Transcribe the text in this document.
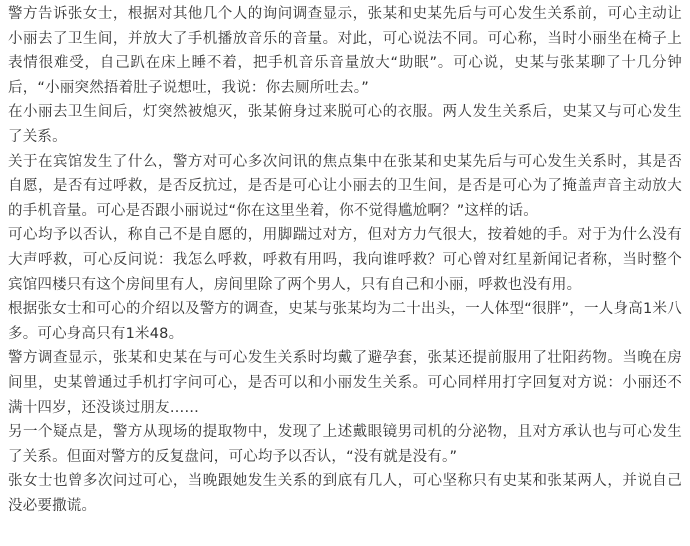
警方告诉张女士，根据对其他几个人的询问调查显示，张某和史某先后与可心发生关系前，可心主动让小丽去了卫生间，并放大了手机播放音乐的音量。对此，可心说法不同。可心称，当时小丽坐在椅子上表情很难受，自己趴在床上睡不着，把手机音乐音量放大“助眠”。可心说，史某与张某聊了十几分钟后，“小丽突然捂着肚子说想吐，我说：你去厕所吐去。”

在小丽去卫生间后，灯突然被熄灭，张某俯身过来脱可心的衣服。两人发生关系后，史某又与可心发生了关系。

关于在宾馆发生了什么，警方对可心多次问讯的焦点集中在张某和史某先后与可心发生关系时，其是否自愿，是否有过呼救，是否反抗过，是否是可心让小丽去的卫生间，是否是可心为了掩盖声音主动放大的手机音量。可心是否跟小丽说过“你在这里坐着，你不觉得尴尬啊？”这样的话。

可心均予以否认，称自己不是自愿的，用脚踹过对方，但对方力气很大，按着她的手。对于为什么没有大声呼救，可心反问说：我怎么呼救，呼救有用吗，我向谁呼救？可心曾对红星新闻记者称，当时整个宾馆四楼只有这个房间里有人，房间里除了两个男人，只有自己和小丽，呼救也没有用。

根据张女士和可心的介绍以及警方的调查，史某与张某均为二十出头，一人体型“很胖”，一人身高1米八多。可心身高只有1米48。

警方调查显示，张某和史某在与可心发生关系时均戴了避孕套，张某还提前服用了壮阳药物。当晚在房间里，史某曾通过手机打字问可心，是否可以和小丽发生关系。可心同样用打字回复对方说：小丽还不满十四岁，还没谈过朋友……

另一个疑点是，警方从现场的提取物中，发现了上述戴眼镜男司机的分泌物，且对方承认也与可心发生了关系。但面对警方的反复盘问，可心均予以否认，“没有就是没有。”

张女士也曾多次问过可心，当晚跟她发生关系的到底有几人，可心坚称只有史某和张某两人，并说自己没必要撒谎。
